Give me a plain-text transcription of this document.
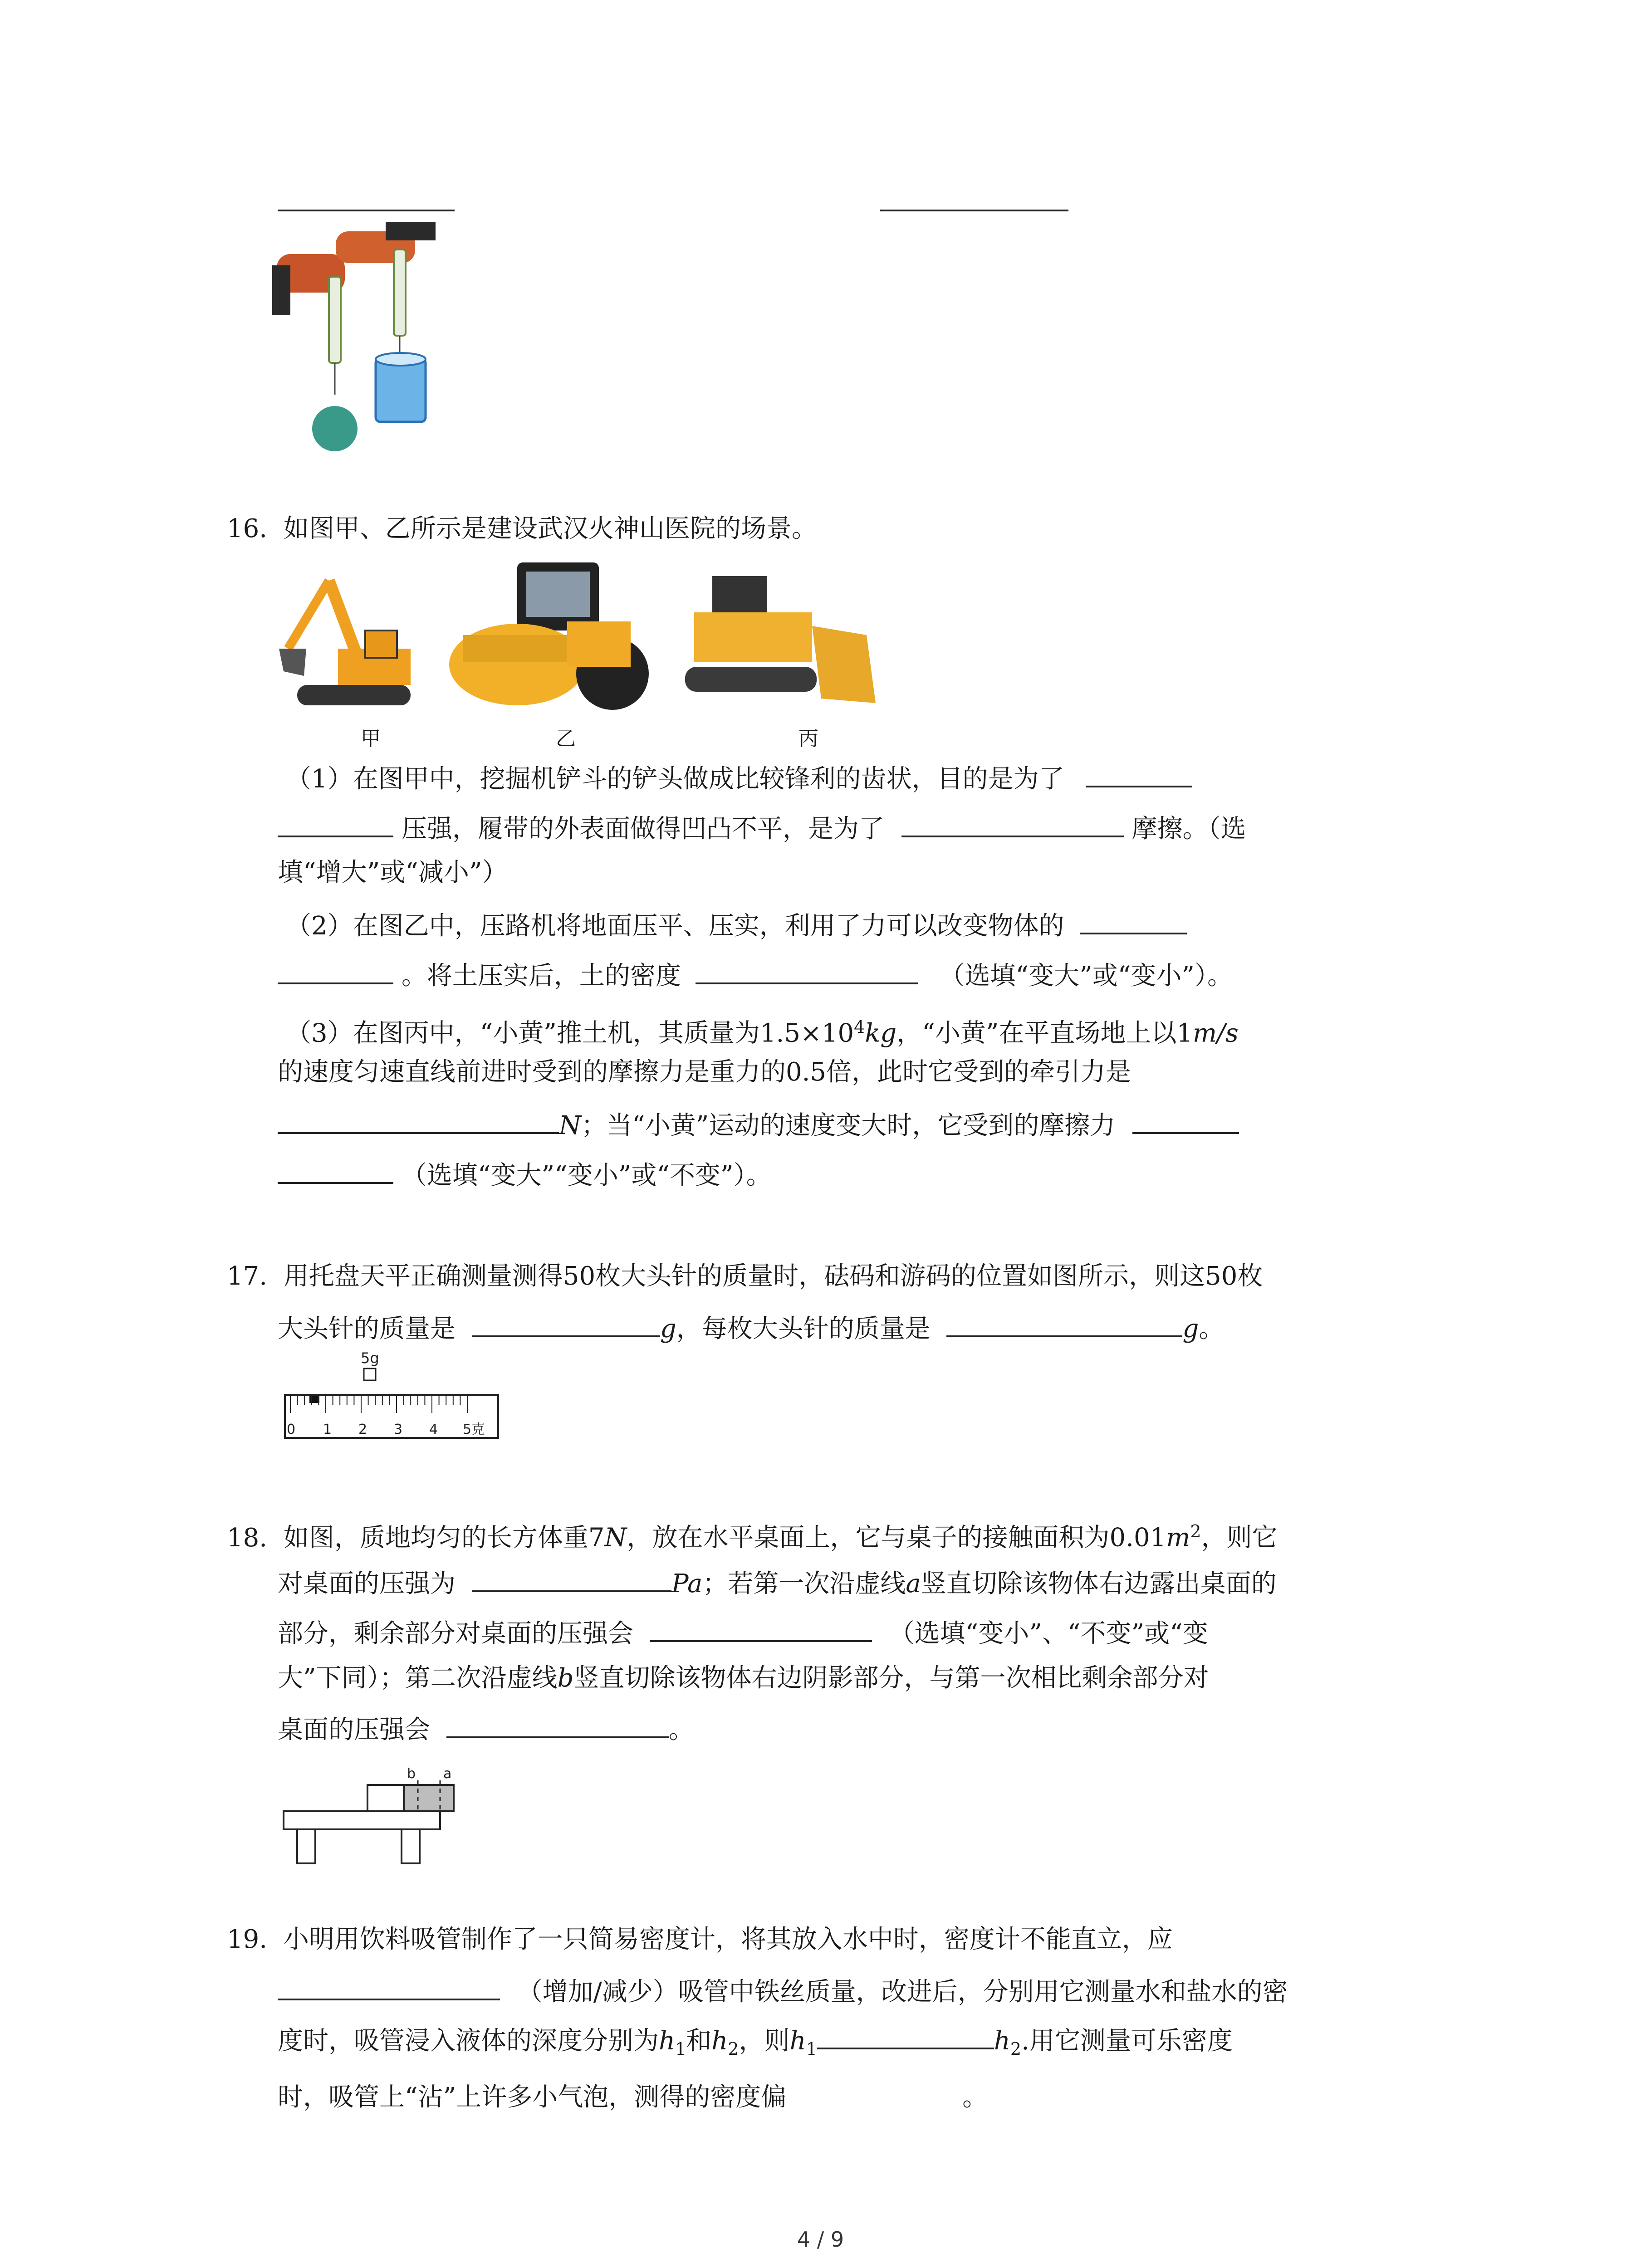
16. 如图甲、乙所示是建设武汉火神山医院的场景。
甲	乙	丙
（1）在图甲中，挖掘机铲斗的铲头做成比较锋利的齿状，目的是为了
压强，履带的外表面做得凹凸不平，是为了	摩擦。（选
填“增大”或“减小”）
（2）在图乙中，压路机将地面压平、压实，利用了力可以改变物体的
。将土压实后，土的密度	（选填“变大”或“变小”）。
（3）在图丙中，“小黄”推土机，其质量为$1.5\times 10^4kg$，“小黄”在平直场地上以1m/s
的速度匀速直线前进时受到的摩擦力是重力的0.5倍，此时它受到的牵引力是
N；当“小黄”运动的速度变大时，它受到的摩擦力
（选填“变大”“变小”或“不变”）。
17. 用托盘天平正确测量测得50枚大头针的质量时，砝码和游码的位置如图所示，则这50枚
大头针的质量是	g，每枚大头针的质量是	g。
5g
0 1 2 3 4 5克
18. 如图，质地均匀的长方体重7N，放在水平桌面上，它与桌子的接触面积为$0.01m^2$，则它
对桌面的压强为	Pa；若第一次沿虚线a竖直切除该物体右边露出桌面的
部分，剩余部分对桌面的压强会	（选填“变小”、“不变”或“变
大”下同）；第二次沿虚线b竖直切除该物体右边阴影部分，与第一次相比剩余部分对
桌面的压强会	。
b a
19. 小明用饮料吸管制作了一只简易密度计，将其放入水中时，密度计不能直立，应
（增加/减少）吸管中铁丝质量，改进后，分别用它测量水和盐水的密
度时，吸管浸入液体的深度分别为$h_1$和$h_2$，则$h_1$	$h_2$.用它测量可乐密度
时，吸管上“沾”上许多小气泡，测得的密度偏	。
4 / 9
